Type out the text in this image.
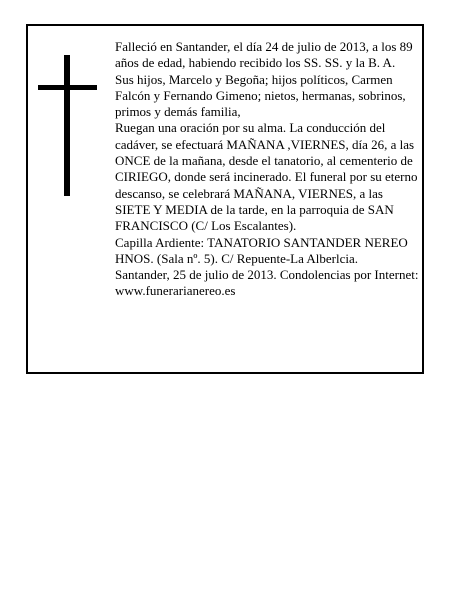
Falleció en Santander, el día 24 de julio de 2013, a los 89 años de edad, habiendo recibido los SS. SS. y la B. A.

Sus hijos, Marcelo y Begoña; hijos políticos, Carmen Falcón y Fernando Gimeno; nietos, hermanas, sobrinos, primos y demás familia,

Ruegan una oración por su alma. La conducción del cadáver, se efectuará MAÑANA ,VIERNES, día 26, a las ONCE de la mañana, desde el tanatorio, al cementerio de CIRIEGO, donde será incinerado. El funeral por su eterno descanso, se celebrará MAÑANA, VIERNES, a las SIETE Y MEDIA de la tarde, en la parroquia de SAN FRANCISCO (C/ Los Escalantes).

Capilla Ardiente: TANATORIO SANTANDER NEREO HNOS. (Sala nº. 5). C/ Repuente-La Alberlcia.

Santander, 25 de julio de 2013. Condolencias por Internet: www.funerarianereo.es
